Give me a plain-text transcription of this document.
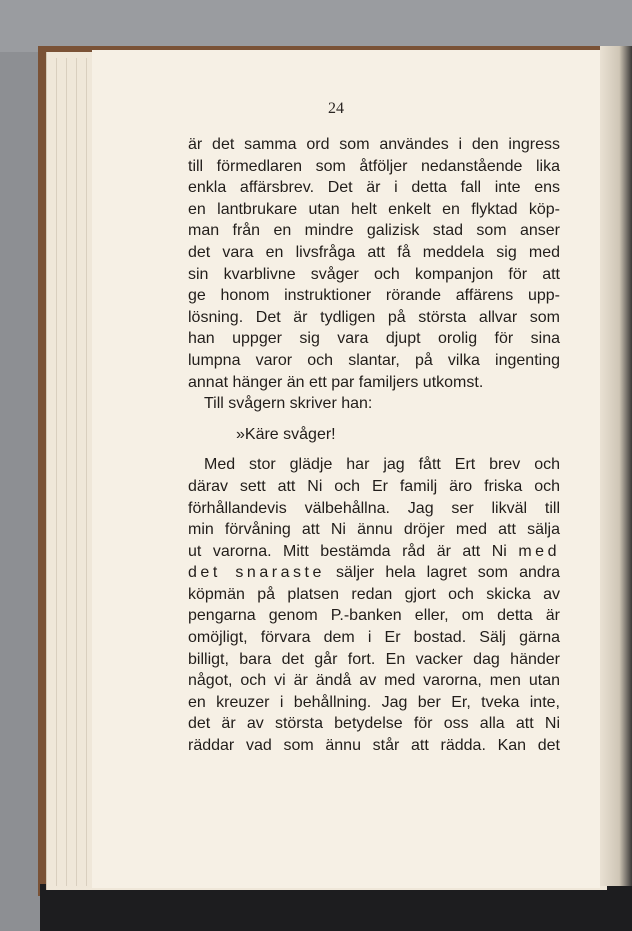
24
är det samma ord som användes i den ingress
till förmedlaren som åtföljer nedanstående lika
enkla affärsbrev. Det är i detta fall inte ens
en lantbrukare utan helt enkelt en flyktad köp-
man från en mindre galizisk stad som anser
det vara en livsfråga att få meddela sig med
sin kvarblivne svåger och kompanjon för att
ge honom instruktioner rörande affärens upp-
lösning. Det är tydligen på största allvar som
han uppger sig vara djupt orolig för sina
lumpna varor och slantar, på vilka ingenting
annat hänger än ett par familjers utkomst.
Till svågern skriver han:
»Käre svåger!
Med stor glädje har jag fått Ert brev och
därav sett att Ni och Er familj äro friska och
förhållandevis välbehållna. Jag ser likväl till
min förvåning att Ni ännu dröjer med att sälja
ut varorna. Mitt bestämda råd är att Ni med
det snaraste säljer hela lagret som andra
köpmän på platsen redan gjort och skicka av
pengarna genom P.-banken eller, om detta är
omöjligt, förvara dem i Er bostad. Sälj gärna
billigt, bara det går fort. En vacker dag händer
något, och vi är ändå av med varorna, men utan
en kreuzer i behållning. Jag ber Er, tveka inte,
det är av största betydelse för oss alla att Ni
räddar vad som ännu står att rädda. Kan det
